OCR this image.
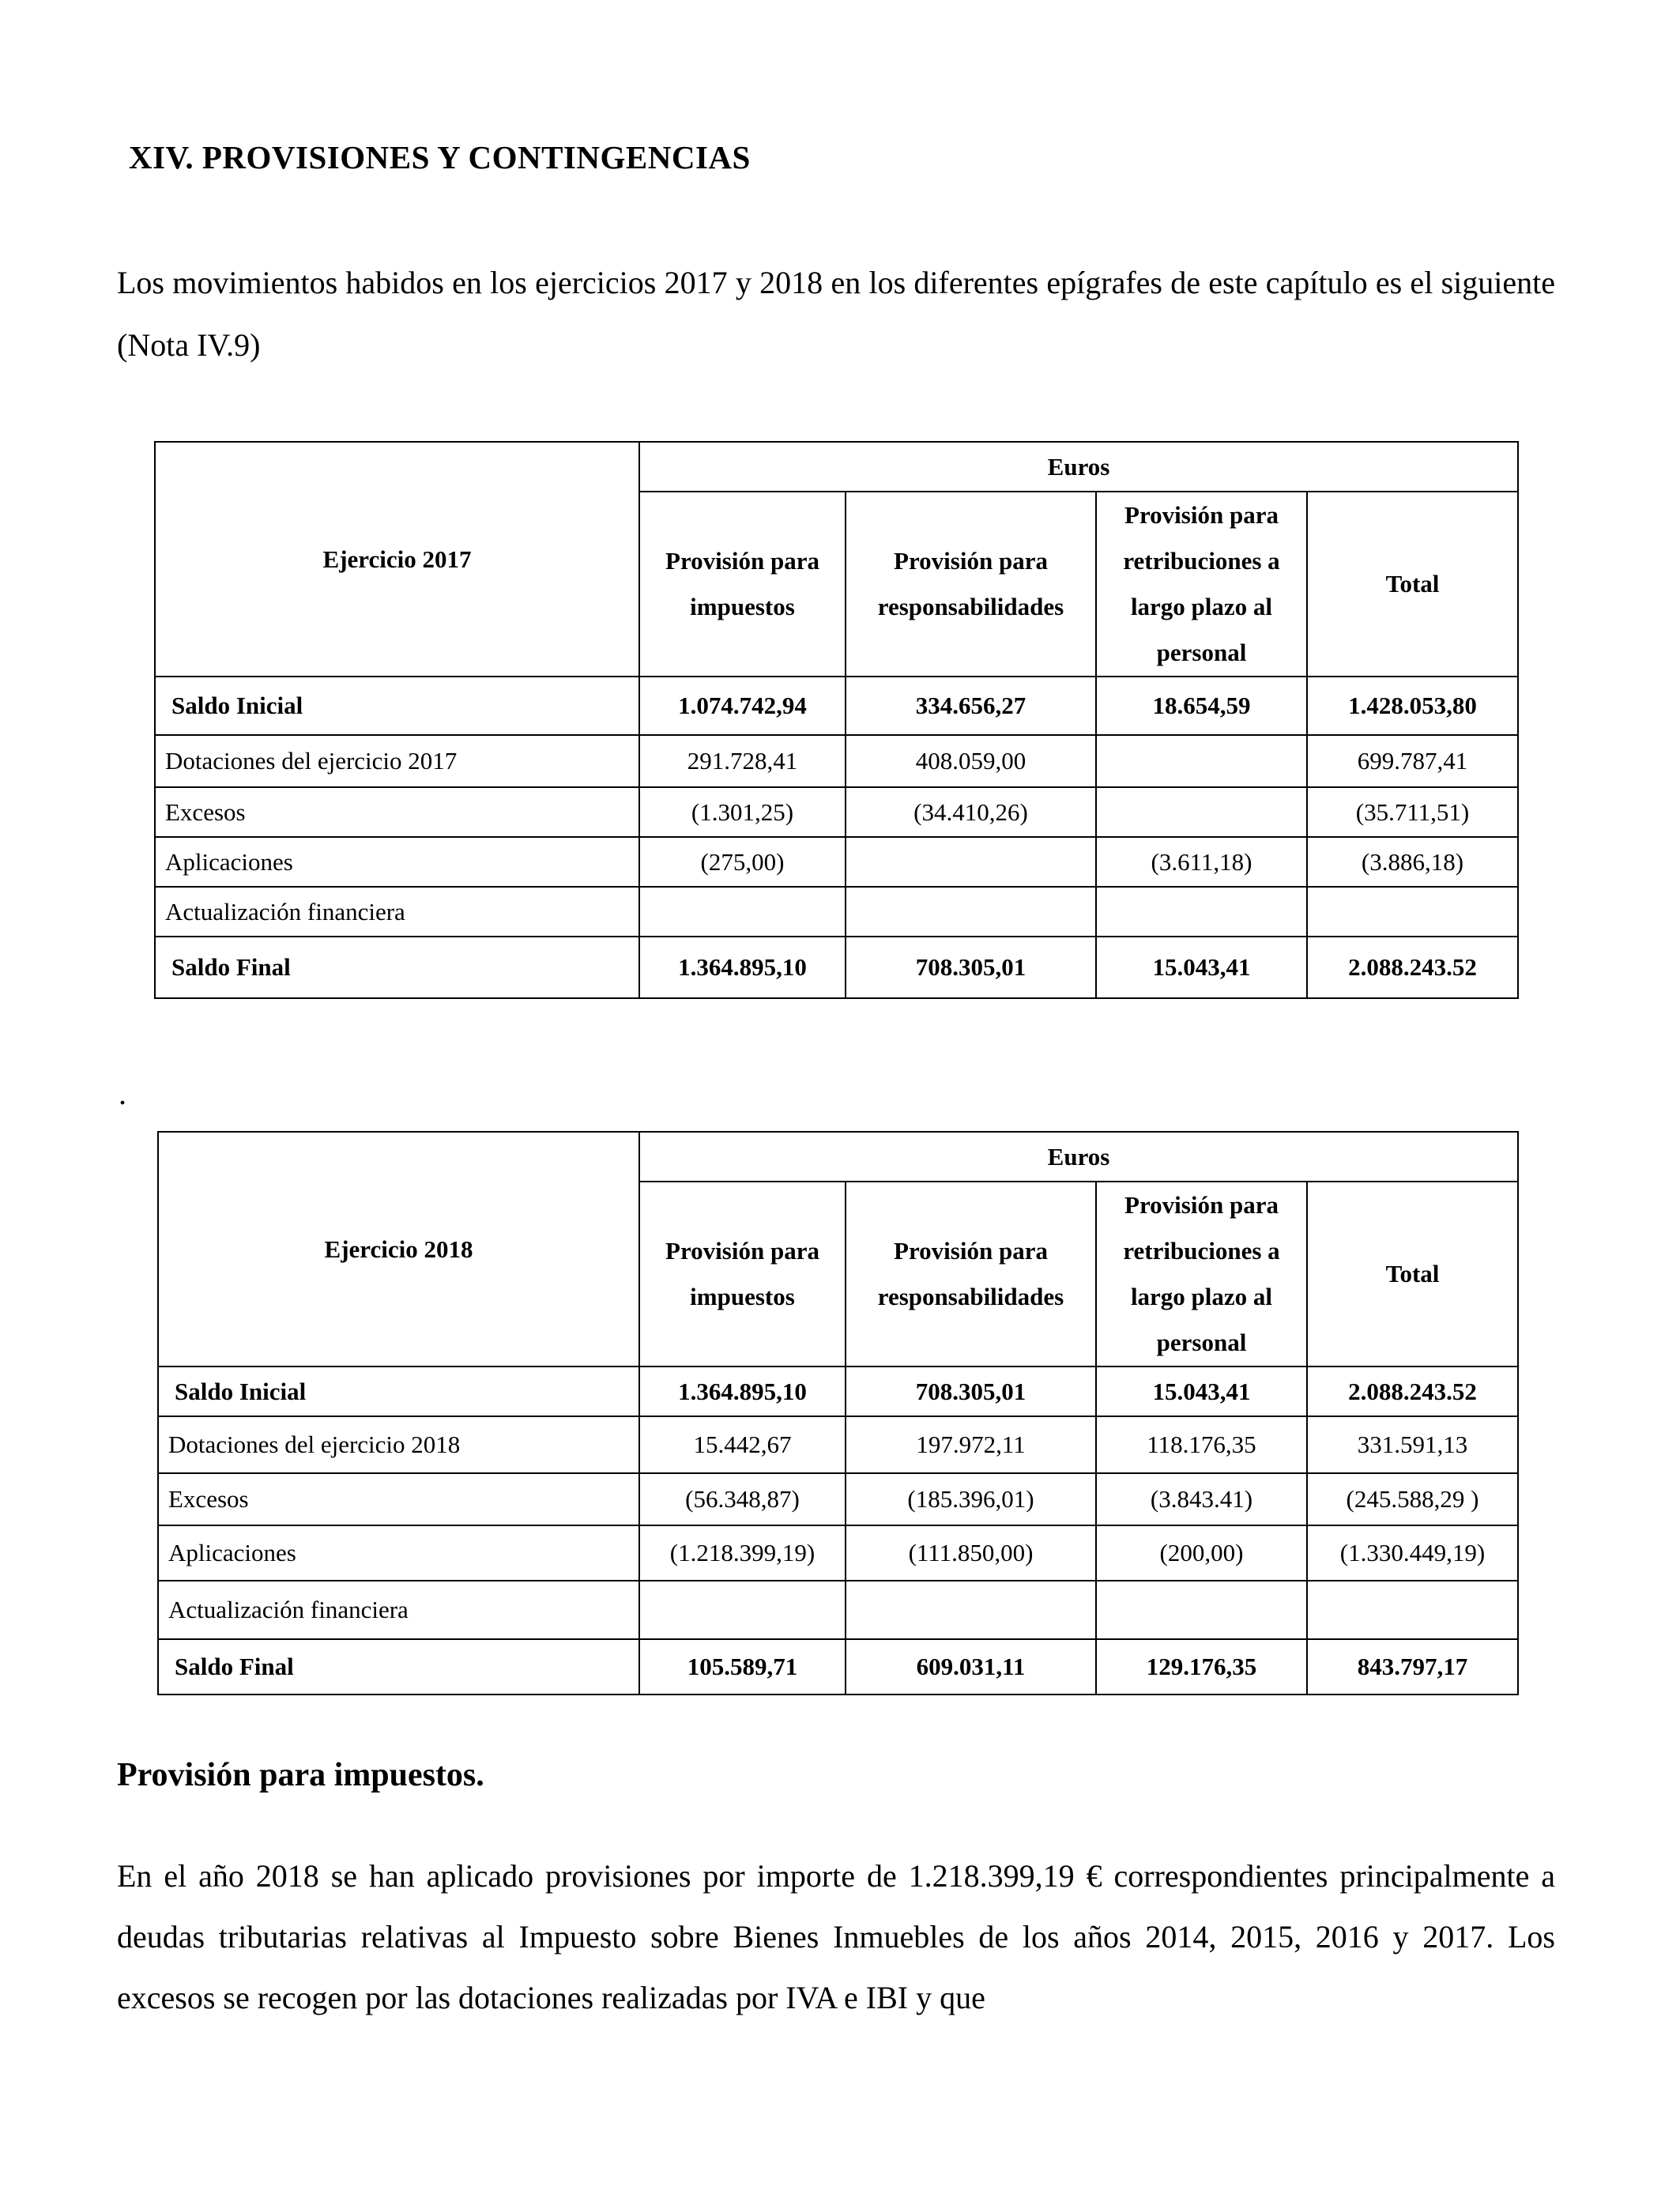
XIV. PROVISIONES Y CONTINGENCIAS
Los movimientos habidos en los ejercicios 2017 y 2018 en los diferentes epígrafes de este capítulo es el siguiente (Nota IV.9)
Ejercicio 2017	Euros			
	Provisión para impuestos	Provisión para responsabilidades	Provisión para retribuciones a largo plazo al personal	Total
Saldo Inicial	1.074.742,94	334.656,27	18.654,59	1.428.053,80
Dotaciones del ejercicio 2017	291.728,41	408.059,00		699.787,41
Excesos	(1.301,25)	(34.410,26)		(35.711,51)
Aplicaciones	(275,00)		(3.611,18)	(3.886,18)
Actualización financiera				
Saldo Final	1.364.895,10	708.305,01	15.043,41	2.088.243.52
.
Ejercicio 2018	Euros			
	Provisión para impuestos	Provisión para responsabilidades	Provisión para retribuciones a largo plazo al personal	Total
Saldo Inicial	1.364.895,10	708.305,01	15.043,41	2.088.243.52
Dotaciones del ejercicio 2018	15.442,67	197.972,11	118.176,35	331.591,13
Excesos	(56.348,87)	(185.396,01)	(3.843.41)	(245.588,29 )
Aplicaciones	(1.218.399,19)	(111.850,00)	(200,00)	(1.330.449,19)
Actualización financiera				
Saldo Final	105.589,71	609.031,11	129.176,35	843.797,17
Provisión para impuestos.
En el año 2018 se han aplicado provisiones por importe de 1.218.399,19 € correspondientes principalmente a deudas tributarias relativas al Impuesto sobre Bienes Inmuebles de los años 2014, 2015, 2016 y 2017. Los excesos se recogen por las dotaciones realizadas por IVA e IBI y que
